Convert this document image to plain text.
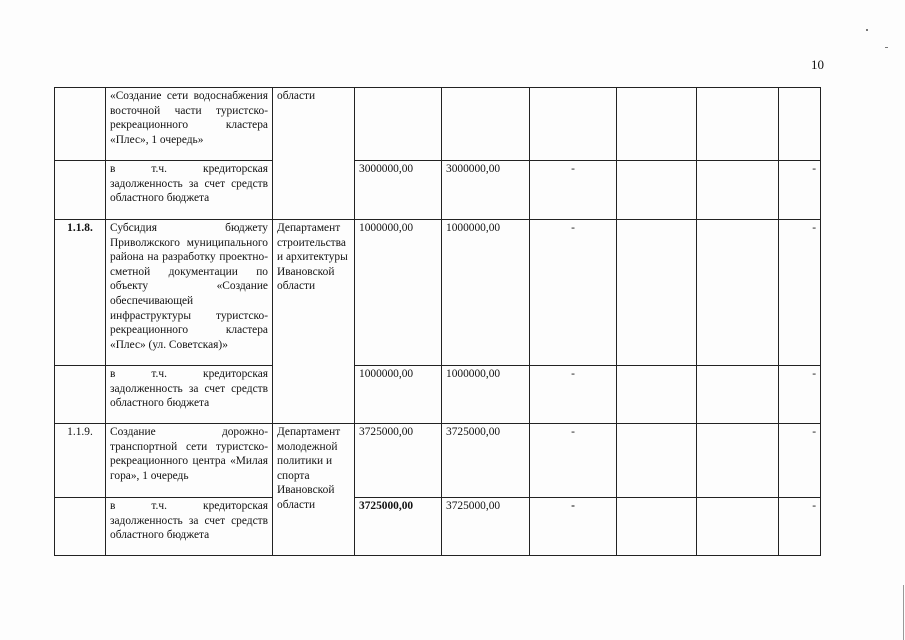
10

	«Создание сети водоснабжения восточной части туристско-рекреационного кластера «Плес», 1 очередь»	области						

	в т.ч. кредиторская задолженность за счет средств областного бюджета		3000000,00	3000000,00	-			-
1.1.8.	Субсидия бюджету Приволжского муниципального района на разработку проектно-сметной документации по объекту «Создание обеспечивающей инфраструктуры туристско-рекреационного кластера «Плес» (ул. Советская)»	Департамент строительства и архитектуры Ивановской области	1000000,00	1000000,00	-			-

	в т.ч. кредиторская задолженность за счет средств областного бюджета		1000000,00	1000000,00	-			-
1.1.9.	Создание дорожно-транспортной сети туристско-рекреационного центра «Милая гора», 1 очередь	Департамент молодежной политики и спорта Ивановской области	3725000,00	3725000,00	-			-

	в т.ч. кредиторская задолженность за счет средств областного бюджета		3725000,00	3725000,00	-			-
